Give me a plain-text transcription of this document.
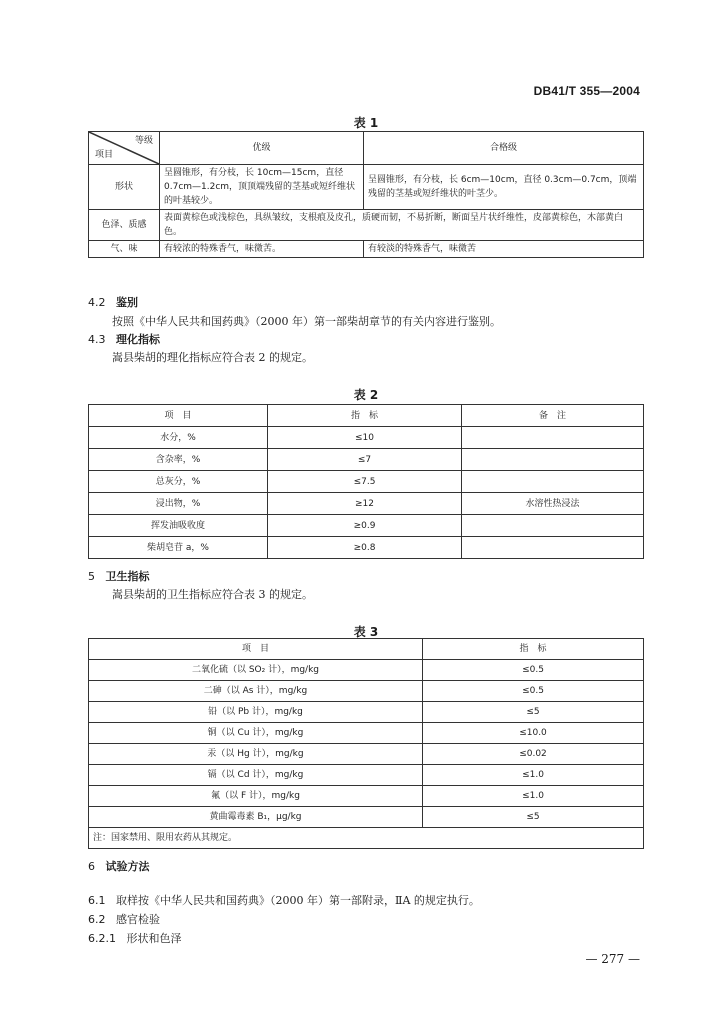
DB41/T 355—2004
表 1
等级
项目	优级	合格级
形状	呈圆锥形，有分枝，长 10cm—15cm，直径 0.7cm—1.2cm，顶顶端残留的茎基或短纤维状的叶基较少。	呈圆锥形，有分枝，长 6cm—10cm，直径 0.3cm—0.7cm，顶端残留的茎基或短纤维状的叶茎少。
色泽、质感	表面黄棕色或浅棕色，具纵皱纹，支根痕及皮孔，质硬而韧，不易折断，断面呈片状纤维性，皮部黄棕色，木部黄白色。	
气、味	有较浓的特殊香气，味微苦。	有较淡的特殊香气，味微苦
4.2 鉴别
按照《中华人民共和国药典》（2000 年）第一部柴胡章节的有关内容进行鉴别。
4.3 理化指标
嵩县柴胡的理化指标应符合表 2 的规定。
表 2
项　目	指　标	备　注
水分，%	≤10	
含杂率，%	≤7	
总灰分，%	≤7.5	
浸出物，%	≥12	水溶性热浸法
挥发油吸收度	≥0.9	
柴胡皂苷 a，%	≥0.8	
5 卫生指标
嵩县柴胡的卫生指标应符合表 3 的规定。
表 3
项　目	指　标
二氧化硫（以 SO₂ 计），mg/kg	≤0.5
二砷（以 As 计），mg/kg	≤0.5
铅（以 Pb 计），mg/kg	≤5
铜（以 Cu 计），mg/kg	≤10.0
汞（以 Hg 计），mg/kg	≤0.02
镉（以 Cd 计），mg/kg	≤1.0
氟（以 F 计），mg/kg	≤1.0
黄曲霉毒素 B₁，μg/kg	≤5
注：国家禁用、限用农药从其规定。	
6 试验方法
6.1 取样按《中华人民共和国药典》（2000 年）第一部附录，ⅡA 的规定执行。
6.2 感官检验
6.2.1 形状和色泽
— 277 —
